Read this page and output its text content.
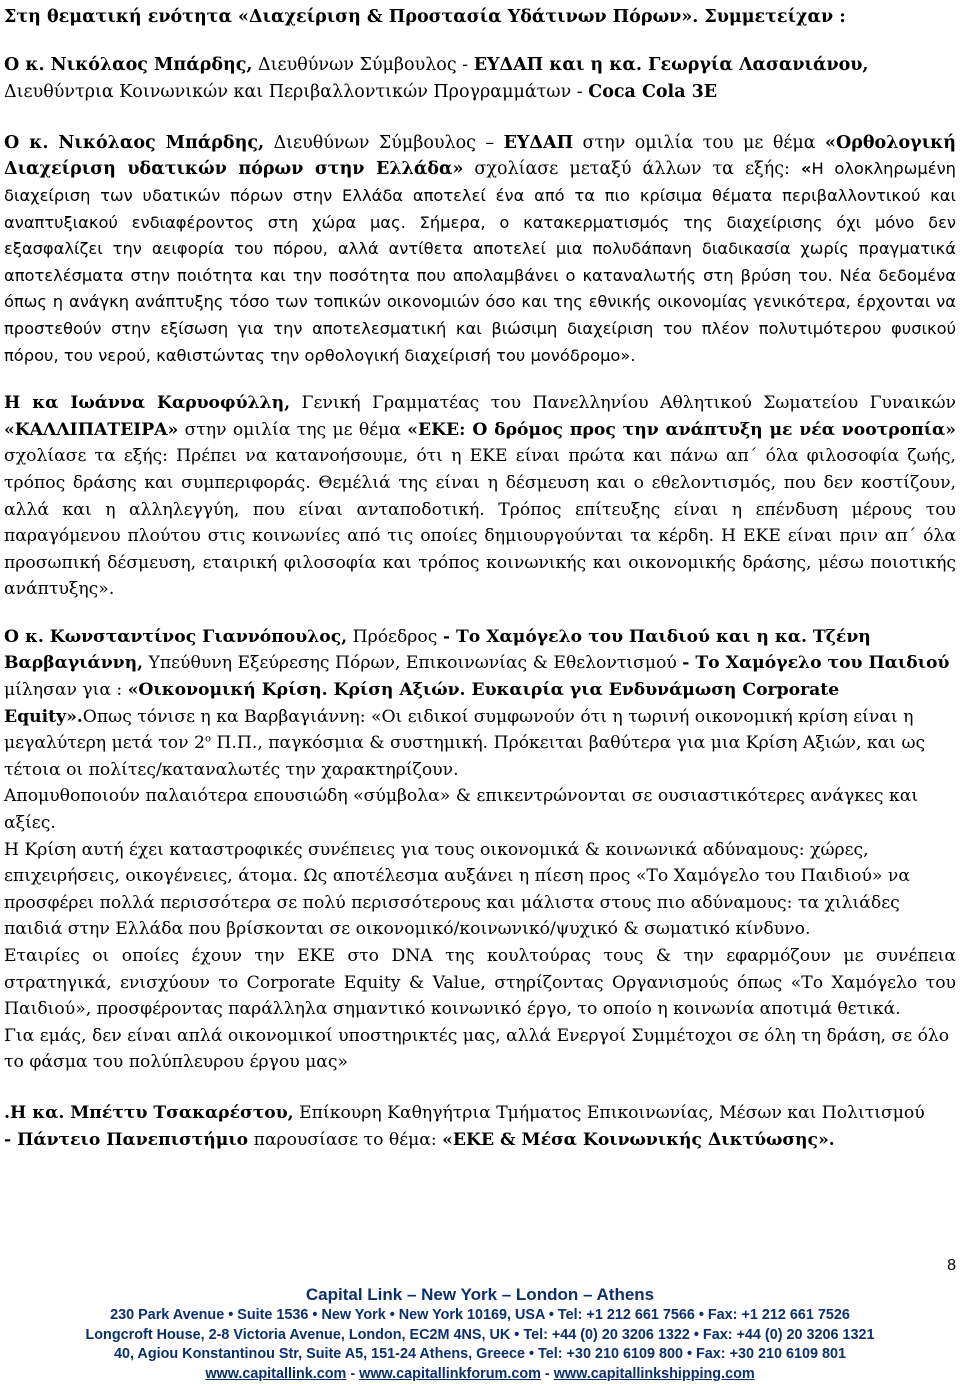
Στη θεματική ενότητα «Διαχείριση & Προστασία Υδάτινων Πόρων». Συμμετείχαν :

Ο κ. Νικόλαος Μπάρδης, Διευθύνων Σύμβουλος - ΕΥΔΑΠ και η κα. Γεωργία Λασανιάνου,
Διευθύντρια Κοινωνικών και Περιβαλλοντικών Προγραμμάτων - Coca Cola 3E

Ο κ. Νικόλαος Μπάρδης, Διευθύνων Σύμβουλος – ΕΥΔΑΠ στην ομιλία του με θέμα «Ορθολογική Διαχείριση υδατικών πόρων στην Ελλάδα» σχολίασε μεταξύ άλλων τα εξής: «Η ολοκληρωμένη διαχείριση των υδατικών πόρων στην Ελλάδα αποτελεί ένα από τα πιο κρίσιμα θέματα περιβαλλοντικού και αναπτυξιακού ενδιαφέροντος στη χώρα μας. Σήμερα, ο κατακερματισμός της διαχείρισης όχι μόνο δεν εξασφαλίζει την αειφορία του πόρου, αλλά αντίθετα αποτελεί μια πολυδάπανη διαδικασία χωρίς πραγματικά αποτελέσματα στην ποιότητα και την ποσότητα που απολαμβάνει ο καταναλωτής στη βρύση του. Νέα δεδομένα όπως η ανάγκη ανάπτυξης τόσο των τοπικών οικονομιών όσο και της εθνικής οικονομίας γενικότερα, έρχονται να προστεθούν στην εξίσωση για την αποτελεσματική και βιώσιμη διαχείριση του πλέον πολυτιμότερου φυσικού πόρου, του νερού, καθιστώντας την ορθολογική διαχείρισή του μονόδρομο».

Η κα Ιωάννα Καρυοφύλλη, Γενική Γραμματέας του Πανελληνίου Αθλητικού Σωματείου Γυναικών «ΚΑΛΛΙΠΑΤΕΙΡΑ» στην ομιλία της με θέμα «ΕΚΕ: Ο δρόμος προς την ανάπτυξη με νέα νοοτροπία» σχολίασε τα εξής: Πρέπει να κατανοήσουμε, ότι η ΕΚΕ είναι πρώτα και πάνω απ΄ όλα φιλοσοφία ζωής, τρόπος δράσης και συμπεριφοράς. Θεμέλιά της είναι η δέσμευση και ο εθελοντισμός, που δεν κοστίζουν, αλλά και η αλληλεγγύη, που είναι ανταποδοτική. Τρόπος επίτευξης είναι η επένδυση μέρους του παραγόμενου πλούτου στις κοινωνίες από τις οποίες δημιουργούνται τα κέρδη. Η ΕΚΕ είναι πριν απ΄ όλα προσωπική δέσμευση, εταιρική φιλοσοφία και τρόπος κοινωνικής και οικονομικής δράσης, μέσω ποιοτικής ανάπτυξης».

Ο κ. Κωνσταντίνος Γιαννόπουλος, Πρόεδρος - Το Χαμόγελο του Παιδιού και η κα. Τζένη Βαρβαγιάννη, Υπεύθυνη Εξεύρεσης Πόρων, Επικοινωνίας & Εθελοντισμού - Το Χαμόγελο του Παιδιού μίλησαν για : «Οικονομική Κρίση. Κρίση Αξιών. Ευκαιρία για Ενδυνάμωση Corporate Equity».Οπως τόνισε η κα Βαρβαγιάννη: «Οι ειδικοί συμφωνούν ότι η τωρινή οικονομική κρίση είναι η μεγαλύτερη μετά τον $2^o$ Π.Π., παγκόσμια & συστημική. Πρόκειται βαθύτερα για μια Κρίση Αξιών, και ως τέτοια οι πολίτες/καταναλωτές την χαρακτηρίζουν.

Απομυθοποιούν παλαιότερα επουσιώδη «σύμβολα» & επικεντρώνονται σε ουσιαστικότερες ανάγκες και αξίες.

Η Κρίση αυτή έχει καταστροφικές συνέπειες για τους οικονομικά & κοινωνικά αδύναμους: χώρες, επιχειρήσεις, οικογένειες, άτομα. Ως αποτέλεσμα αυξάνει η πίεση προς «Το Χαμόγελο του Παιδιού» να προσφέρει πολλά περισσότερα σε πολύ περισσότερους και μάλιστα στους πιο αδύναμους: τα χιλιάδες παιδιά στην Ελλάδα που βρίσκονται σε οικονομικό/κοινωνικό/ψυχικό & σωματικό κίνδυνο.

Εταιρίες οι οποίες έχουν την ΕΚΕ στο DNA της κουλτούρας τους & την εφαρμόζουν με συνέπεια στρατηγικά, ενισχύουν το Corporate Equity & Value, στηρίζοντας Οργανισμούς όπως «Το Χαμόγελο του Παιδιού», προσφέροντας παράλληλα σημαντικό κοινωνικό έργο, το οποίο η κοινωνία αποτιμά θετικά.

Για εμάς, δεν είναι απλά οικονομικοί υποστηρικτές μας, αλλά Ενεργοί Συμμέτοχοι σε όλη τη δράση, σε όλο το φάσμα του πολύπλευρου έργου μας»

.Η κα. Μπέττυ Τσακαρέστου, Επίκουρη Καθηγήτρια Τμήματος Επικοινωνίας, Μέσων και Πολιτισμού
- Πάντειο Πανεπιστήμιο παρουσίασε το θέμα: «ΕΚΕ & Μέσα Κοινωνικής Δικτύωσης».

8
Capital Link – New York – London – Athens
230 Park Avenue • Suite 1536 • New York • New York 10169, USA • Tel: +1 212 661 7566 • Fax: +1 212 661 7526
Longcroft House, 2-8 Victoria Avenue, London, EC2M 4NS, UK • Tel: +44 (0) 20 3206 1322 • Fax: +44 (0) 20 3206 1321
40, Agiou Konstantinou Str, Suite A5, 151-24 Athens, Greece • Tel: +30 210 6109 800 • Fax: +30 210 6109 801
www.capitallink.com - www.capitallinkforum.com - www.capitallinkshipping.com
